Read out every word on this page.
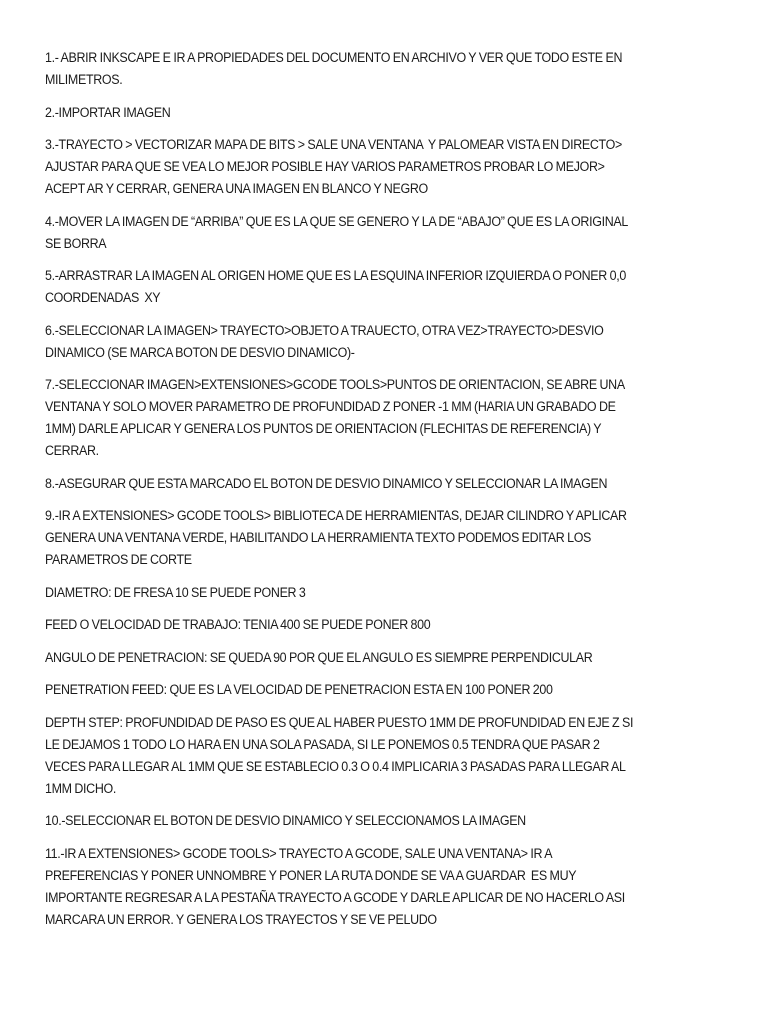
1.- ABRIR INKSCAPE E IR A PROPIEDADES DEL DOCUMENTO EN ARCHIVO Y VER QUE TODO ESTE EN
MILIMETROS.

2.-IMPORTAR IMAGEN

3.-TRAYECTO > VECTORIZAR MAPA DE BITS > SALE UNA VENTANA  Y PALOMEAR VISTA EN DIRECTO>
AJUSTAR PARA QUE SE VEA LO MEJOR POSIBLE HAY VARIOS PARAMETROS PROBAR LO MEJOR>
ACEPT AR Y CERRAR, GENERA UNA IMAGEN EN BLANCO Y NEGRO

4.-MOVER LA IMAGEN DE “ARRIBA” QUE ES LA QUE SE GENERO Y LA DE “ABAJO” QUE ES LA ORIGINAL
SE BORRA

5.-ARRASTRAR LA IMAGEN AL ORIGEN HOME QUE ES LA ESQUINA INFERIOR IZQUIERDA O PONER 0,0
COORDENADAS  XY

6.-SELECCIONAR LA IMAGEN> TRAYECTO>OBJETO A TRAUECTO, OTRA VEZ>TRAYECTO>DESVIO
DINAMICO (SE MARCA BOTON DE DESVIO DINAMICO)-

7.-SELECCIONAR IMAGEN>EXTENSIONES>GCODE TOOLS>PUNTOS DE ORIENTACION, SE ABRE UNA
VENTANA Y SOLO MOVER PARAMETRO DE PROFUNDIDAD Z PONER -1 MM (HARIA UN GRABADO DE
1MM) DARLE APLICAR Y GENERA LOS PUNTOS DE ORIENTACION (FLECHITAS DE REFERENCIA) Y
CERRAR.

8.-ASEGURAR QUE ESTA MARCADO EL BOTON DE DESVIO DINAMICO Y SELECCIONAR LA IMAGEN

9.-IR A EXTENSIONES> GCODE TOOLS> BIBLIOTECA DE HERRAMIENTAS, DEJAR CILINDRO Y APLICAR
GENERA UNA VENTANA VERDE, HABILITANDO LA HERRAMIENTA TEXTO PODEMOS EDITAR LOS
PARAMETROS DE CORTE

DIAMETRO: DE FRESA 10 SE PUEDE PONER 3

FEED O VELOCIDAD DE TRABAJO: TENIA 400 SE PUEDE PONER 800

ANGULO DE PENETRACION: SE QUEDA 90 POR QUE EL ANGULO ES SIEMPRE PERPENDICULAR

PENETRATION FEED: QUE ES LA VELOCIDAD DE PENETRACION ESTA EN 100 PONER 200

DEPTH STEP: PROFUNDIDAD DE PASO ES QUE AL HABER PUESTO 1MM DE PROFUNDIDAD EN EJE Z SI
LE DEJAMOS 1 TODO LO HARA EN UNA SOLA PASADA, SI LE PONEMOS 0.5 TENDRA QUE PASAR 2
VECES PARA LLEGAR AL 1MM QUE SE ESTABLECIO 0.3 O 0.4 IMPLICARIA 3 PASADAS PARA LLEGAR AL
1MM DICHO.

10.-SELECCIONAR EL BOTON DE DESVIO DINAMICO Y SELECCIONAMOS LA IMAGEN

11.-IR A EXTENSIONES> GCODE TOOLS> TRAYECTO A GCODE, SALE UNA VENTANA> IR A
PREFERENCIAS Y PONER UNNOMBRE Y PONER LA RUTA DONDE SE VA A GUARDAR  ES MUY
IMPORTANTE REGRESAR A LA PESTAÑA TRAYECTO A GCODE Y DARLE APLICAR DE NO HACERLO ASI
MARCARA UN ERROR. Y GENERA LOS TRAYECTOS Y SE VE PELUDO
